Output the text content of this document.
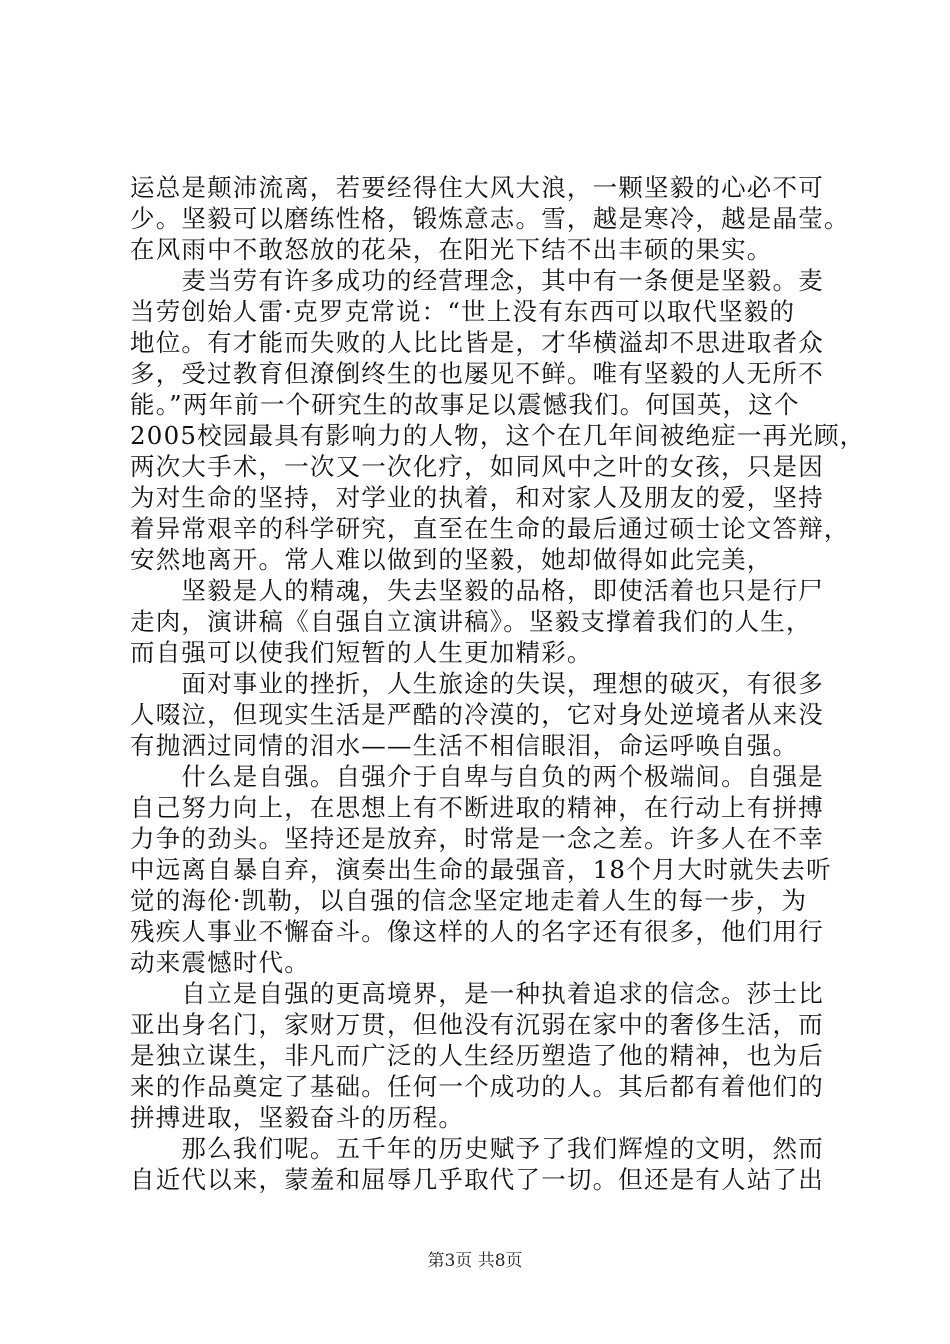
运总是颠沛流离，若要经得住大风大浪，一颗坚毅的心必不可
少。坚毅可以磨练性格，锻炼意志。雪，越是寒冷，越是晶莹。
在风雨中不敢怒放的花朵，在阳光下结不出丰硕的果实。
　　麦当劳有许多成功的经营理念，其中有一条便是坚毅。麦
当劳创始人雷·克罗克常说：“世上没有东西可以取代坚毅的
地位。有才能而失败的人比比皆是，才华横溢却不思进取者众
多，受过教育但潦倒终生的也屡见不鲜。唯有坚毅的人无所不
能。”两年前一个研究生的故事足以震憾我们。何国英，这个
2005校园最具有影响力的人物，这个在几年间被绝症一再光顾，
两次大手术，一次又一次化疗，如同风中之叶的女孩，只是因
为对生命的坚持，对学业的执着，和对家人及朋友的爱，坚持
着异常艰辛的科学研究，直至在生命的最后通过硕士论文答辩，
安然地离开。常人难以做到的坚毅，她却做得如此完美，
　　坚毅是人的精魂，失去坚毅的品格，即使活着也只是行尸
走肉，演讲稿《自强自立演讲稿》。坚毅支撑着我们的人生，
而自强可以使我们短暂的人生更加精彩。
　　面对事业的挫折，人生旅途的失误，理想的破灭，有很多
人啜泣，但现实生活是严酷的冷漠的，它对身处逆境者从来没
有抛洒过同情的泪水——生活不相信眼泪，命运呼唤自强。
　　什么是自强。自强介于自卑与自负的两个极端间。自强是
自己努力向上，在思想上有不断进取的精神，在行动上有拼搏
力争的劲头。坚持还是放弃，时常是一念之差。许多人在不幸
中远离自暴自弃，演奏出生命的最强音，18个月大时就失去听
觉的海伦·凯勒，以自强的信念坚定地走着人生的每一步，为
残疾人事业不懈奋斗。像这样的人的名字还有很多，他们用行
动来震憾时代。
　　自立是自强的更高境界，是一种执着追求的信念。莎士比
亚出身名门，家财万贯，但他没有沉弱在家中的奢侈生活，而
是独立谋生，非凡而广泛的人生经历塑造了他的精神，也为后
来的作品奠定了基础。任何一个成功的人。其后都有着他们的
拼搏进取，坚毅奋斗的历程。
　　那么我们呢。五千年的历史赋予了我们辉煌的文明，然而
自近代以来，蒙羞和屈辱几乎取代了一切。但还是有人站了出
第3页 共8页
